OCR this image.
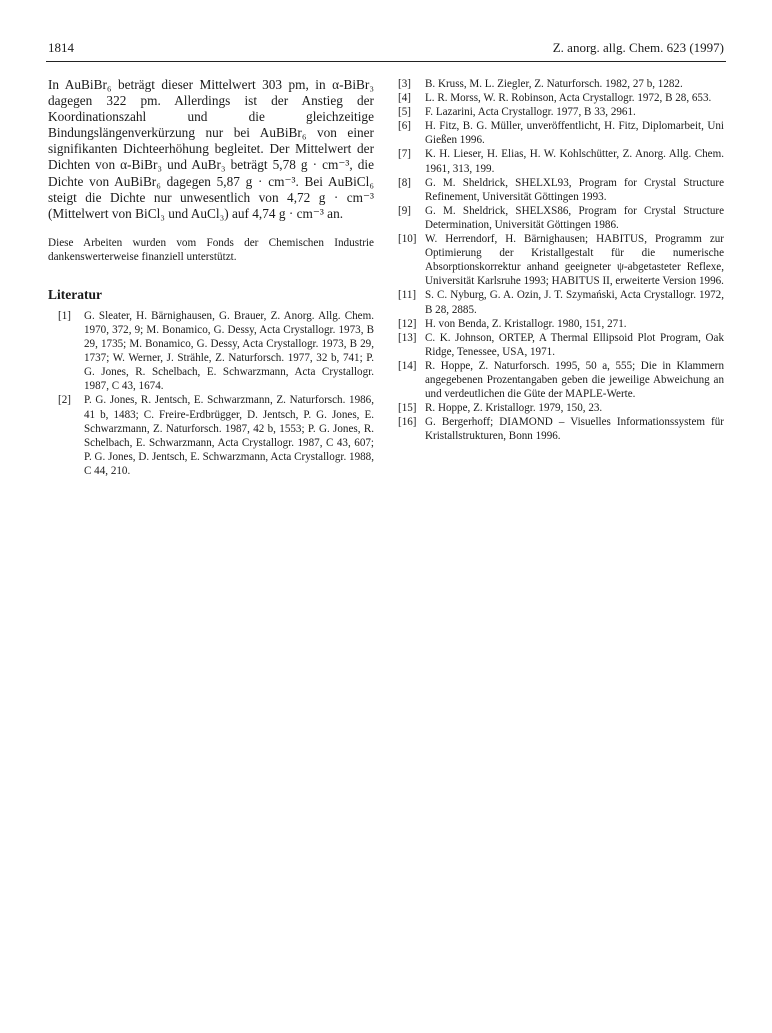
1814	Z. anorg. allg. Chem. 623 (1997)

In AuBiBr₆ beträgt dieser Mittelwert 303 pm, in α-BiBr₃ dagegen 322 pm. Allerdings ist der Anstieg der Koordinationszahl und die gleichzeitige Bindungslängenverkürzung nur bei AuBiBr₆ von einer signifikanten Dichteerhöhung begleitet. Der Mittelwert der Dichten von α-BiBr₃ und AuBr₃ beträgt 5,78 g · cm⁻³, die Dichte von AuBiBr₆ dagegen 5,87 g · cm⁻³. Bei AuBiCl₆ steigt die Dichte nur unwesentlich von 4,72 g · cm⁻³ (Mittelwert von BiCl₃ und AuCl₃) auf 4,74 g · cm⁻³ an.

Diese Arbeiten wurden vom Fonds der Chemischen Industrie dankenswerterweise finanziell unterstützt.

Literatur
[1] G. Sleater, H. Bärnighausen, G. Brauer, Z. Anorg. Allg. Chem. 1970, 372, 9; M. Bonamico, G. Dessy, Acta Crystallogr. 1973, B 29, 1735; M. Bonamico, G. Dessy, Acta Crystallogr. 1973, B 29, 1737; W. Werner, J. Strähle, Z. Naturforsch. 1977, 32 b, 741; P. G. Jones, R. Schelbach, E. Schwarzmann, Acta Crystallogr. 1987, C 43, 1674.
[2] P. G. Jones, R. Jentsch, E. Schwarzmann, Z. Naturforsch. 1986, 41 b, 1483; C. Freire-Erdbrügger, D. Jentsch, P. G. Jones, E. Schwarzmann, Z. Naturforsch. 1987, 42 b, 1553; P. G. Jones, R. Schelbach, E. Schwarzmann, Acta Crystallogr. 1987, C 43, 607; P. G. Jones, D. Jentsch, E. Schwarzmann, Acta Crystallogr. 1988, C 44, 210.
[3] B. Kruss, M. L. Ziegler, Z. Naturforsch. 1982, 27 b, 1282.
[4] L. R. Morss, W. R. Robinson, Acta Crystallogr. 1972, B 28, 653.
[5] F. Lazarini, Acta Crystallogr. 1977, B 33, 2961.
[6] H. Fitz, B. G. Müller, unveröffentlicht, H. Fitz, Diplomarbeit, Uni Gießen 1996.
[7] K. H. Lieser, H. Elias, H. W. Kohlschütter, Z. Anorg. Allg. Chem. 1961, 313, 199.
[8] G. M. Sheldrick, SHELXL93, Program for Crystal Structure Refinement, Universität Göttingen 1993.
[9] G. M. Sheldrick, SHELXS86, Program for Crystal Structure Determination, Universität Göttingen 1986.
[10] W. Herrendorf, H. Bärnighausen; HABITUS, Programm zur Optimierung der Kristallgestalt für die numerische Absorptionskorrektur anhand geeigneter ψ-abgetasteter Reflexe, Universität Karlsruhe 1993; HABITUS II, erweiterte Version 1996.
[11] S. C. Nyburg, G. A. Ozin, J. T. Szymański, Acta Crystallogr. 1972, B 28, 2885.
[12] H. von Benda, Z. Kristallogr. 1980, 151, 271.
[13] C. K. Johnson, ORTEP, A Thermal Ellipsoid Plot Program, Oak Ridge, Tenessee, USA, 1971.
[14] R. Hoppe, Z. Naturforsch. 1995, 50 a, 555; Die in Klammern angegebenen Prozentangaben geben die jeweilige Abweichung an und verdeutlichen die Güte der MAPLE-Werte.
[15] R. Hoppe, Z. Kristallogr. 1979, 150, 23.
[16] G. Bergerhoff; DIAMOND – Visuelles Informationssystem für Kristallstrukturen, Bonn 1996.
